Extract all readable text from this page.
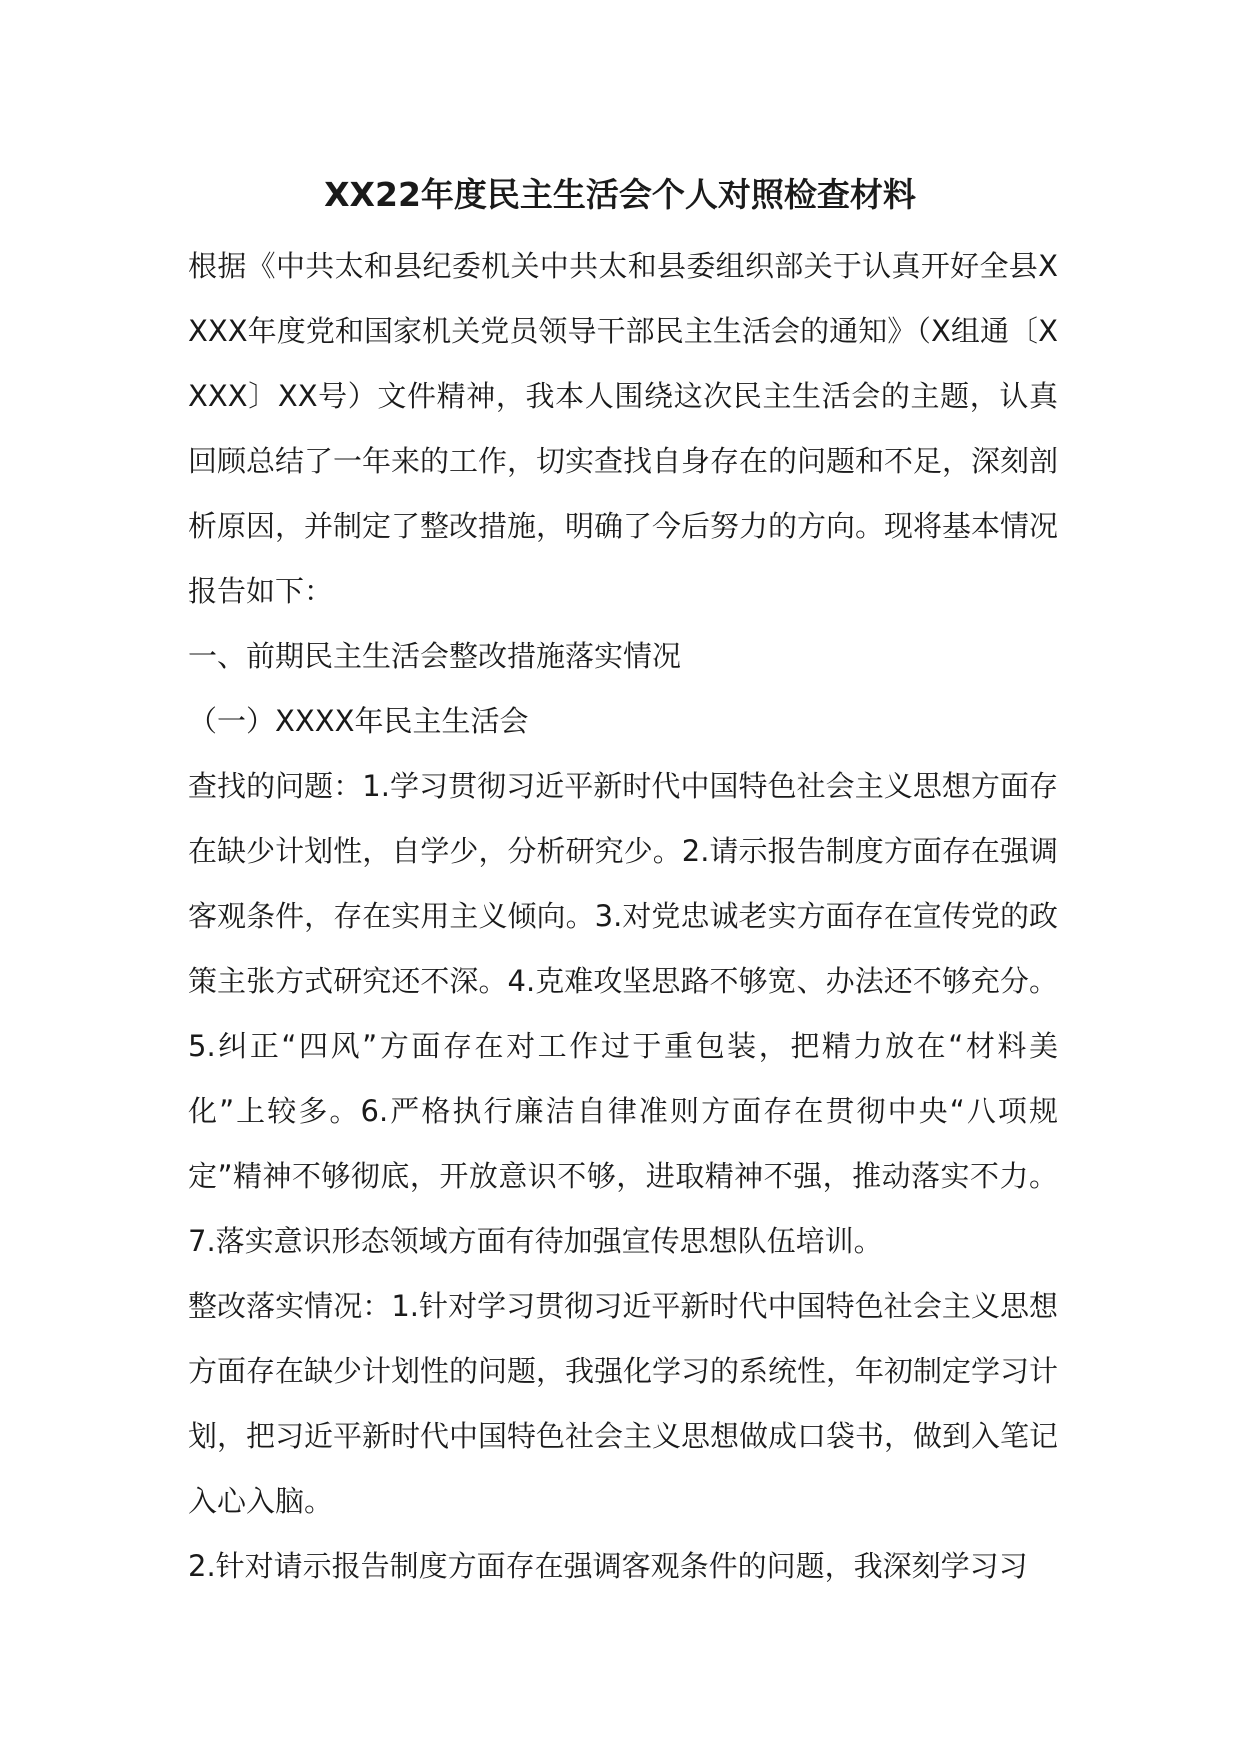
XX22年度民主生活会个人对照检查材料

根据《中共太和县纪委机关中共太和县委组织部关于认真开好全县XXXX年度党和国家机关党员领导干部民主生活会的通知》（X组通〔XXXX〕XX号）文件精神，我本人围绕这次民主生活会的主题，认真回顾总结了一年来的工作，切实查找自身存在的问题和不足，深刻剖析原因，并制定了整改措施，明确了今后努力的方向。现将基本情况报告如下：

一、前期民主生活会整改措施落实情况

（一）XXXX年民主生活会

查找的问题：1.学习贯彻习近平新时代中国特色社会主义思想方面存在缺少计划性，自学少，分析研究少。2.请示报告制度方面存在强调客观条件，存在实用主义倾向。3.对党忠诚老实方面存在宣传党的政策主张方式研究还不深。4.克难攻坚思路不够宽、办法还不够充分。5.纠正“四风”方面存在对工作过于重包装，把精力放在“材料美化”上较多。6.严格执行廉洁自律准则方面存在贯彻中央“八项规定”精神不够彻底，开放意识不够，进取精神不强，推动落实不力。7.落实意识形态领域方面有待加强宣传思想队伍培训。

整改落实情况：1.针对学习贯彻习近平新时代中国特色社会主义思想方面存在缺少计划性的问题，我强化学习的系统性，年初制定学习计划，把习近平新时代中国特色社会主义思想做成口袋书，做到入笔记入心入脑。

2.针对请示报告制度方面存在强调客观条件的问题，我深刻学习习
